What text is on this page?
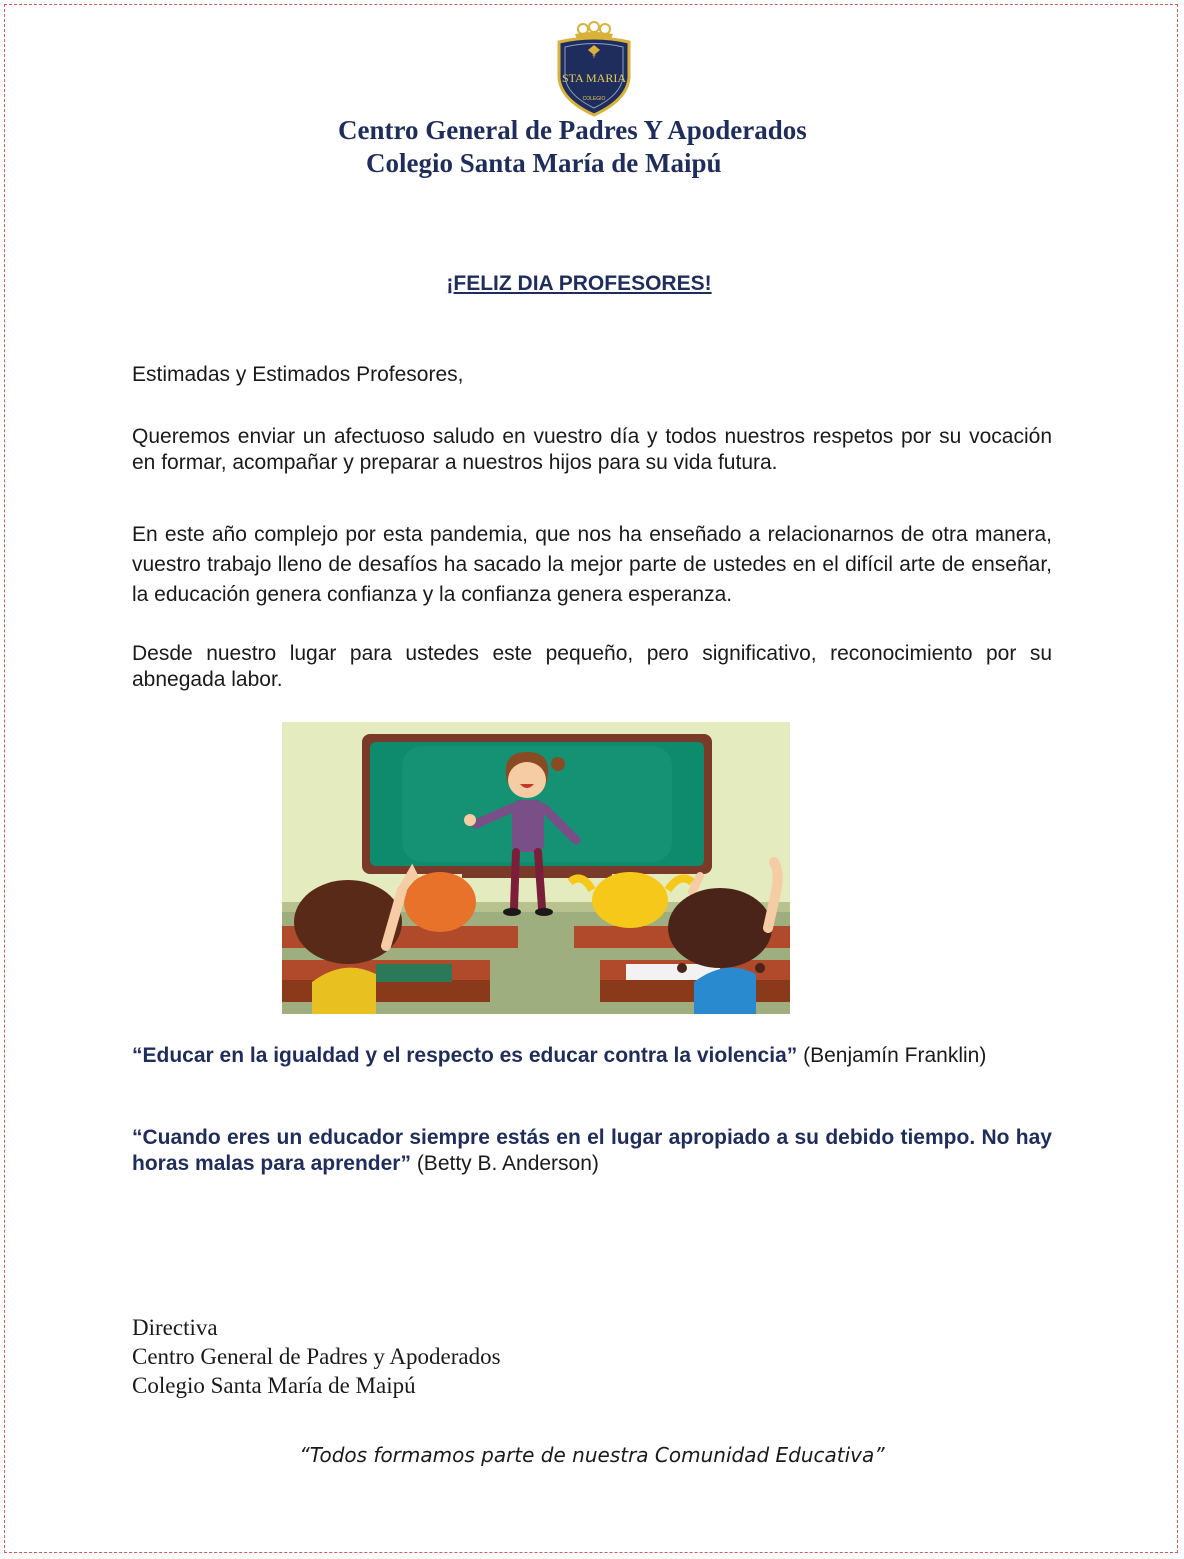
✝
STA MARIA
COLEGIO
Centro General de Padres Y Apoderados
Colegio Santa María de Maipú
¡FELIZ DIA PROFESORES!

Estimadas y Estimados Profesores,

Queremos enviar un afectuoso saludo en vuestro día y todos nuestros respetos por su vocación en formar, acompañar y preparar a nuestros hijos para su vida futura.

En este año complejo por esta pandemia, que nos ha enseñado a relacionarnos de otra manera, vuestro trabajo lleno de desafíos ha sacado la mejor parte de ustedes en el difícil arte de enseñar, la educación genera confianza y la confianza genera esperanza.

Desde nuestro lugar para ustedes este pequeño, pero significativo, reconocimiento por su abnegada labor.

“Educar en la igualdad y el respecto es educar contra la violencia” (Benjamín Franklin)

“Cuando eres un educador siempre estás en el lugar apropiado a su debido tiempo. No hay horas malas para aprender” (Betty B. Anderson)

Directiva
Centro General de Padres y Apoderados
Colegio Santa María de Maipú

“Todos formamos parte de nuestra Comunidad Educativa”
